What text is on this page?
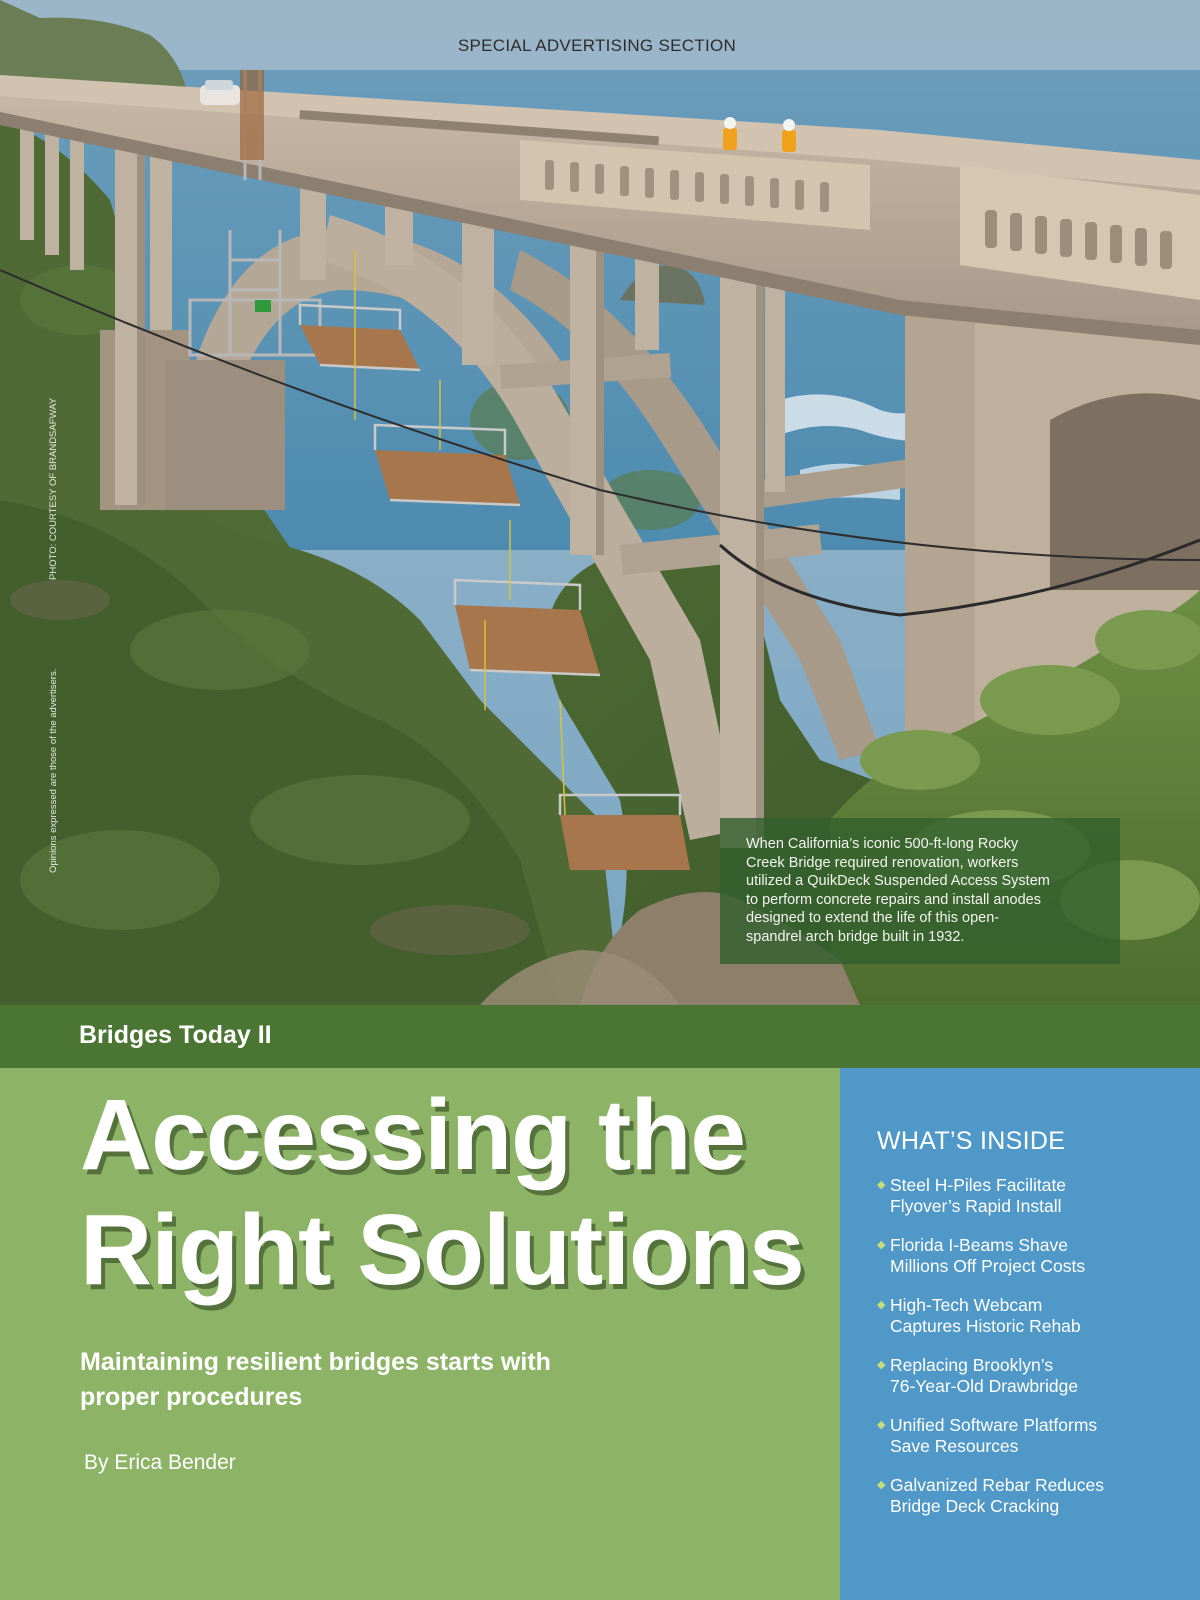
SPECIAL ADVERTISING SECTION
PHOTO: COURTESY OF BRANDSAFWAY
Opinions expressed are those of the advertisers.	When California’s iconic 500-ft-long Rocky
Creek Bridge required renovation, workers
utilized a QuikDeck Suspended Access System
to perform concrete repairs and install anodes
designed to extend the life of this open-
spandrel arch bridge built in 1932.
Bridges Today II
Accessing the
Right Solutions
Maintaining resilient bridges starts with
proper procedures
By Erica Bender
WHAT’S INSIDE
◆ Steel H-Piles Facilitate
Flyover’s Rapid Install
◆ Florida I-Beams Shave
Millions Off Project Costs
◆ High-Tech Webcam
Captures Historic Rehab
◆ Replacing Brooklyn’s
76-Year-Old Drawbridge
◆ Unified Software Platforms
Save Resources
◆ Galvanized Rebar Reduces
Bridge Deck Cracking
